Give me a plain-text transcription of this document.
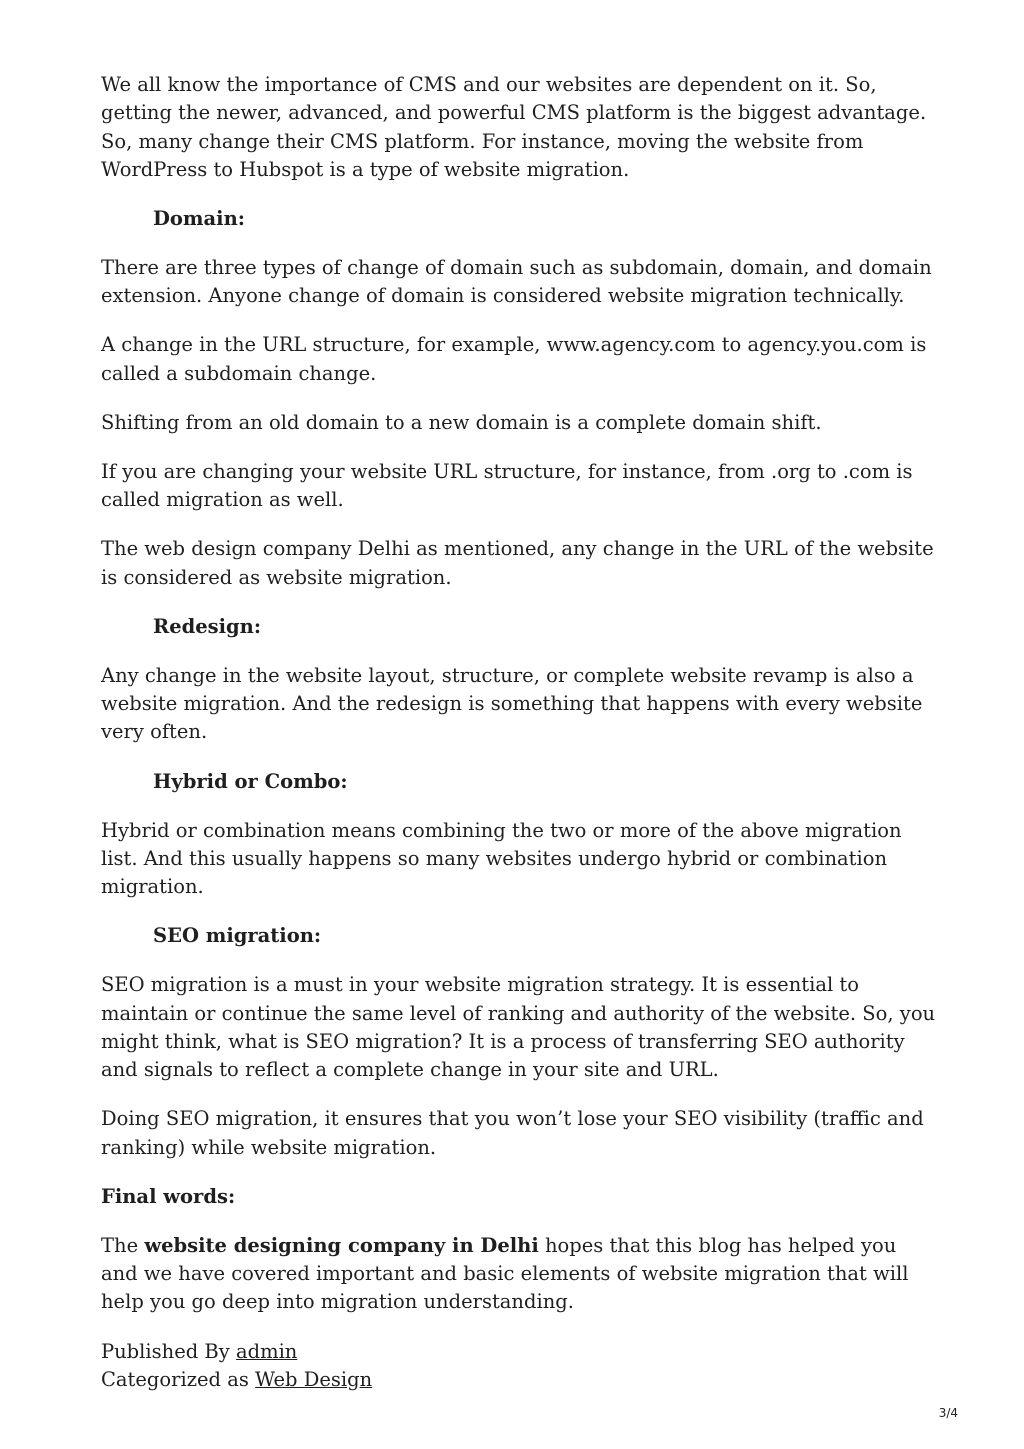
We all know the importance of CMS and our websites are dependent on it. So, getting the newer, advanced, and powerful CMS platform is the biggest advantage. So, many change their CMS platform. For instance, moving the website from WordPress to Hubspot is a type of website migration.

Domain:

There are three types of change of domain such as subdomain, domain, and domain extension. Anyone change of domain is considered website migration technically.

A change in the URL structure, for example, www.agency.com to agency.you.com is called a subdomain change.

Shifting from an old domain to a new domain is a complete domain shift.

If you are changing your website URL structure, for instance, from .org to .com is called migration as well.

The web design company Delhi as mentioned, any change in the URL of the website is considered as website migration.

Redesign:

Any change in the website layout, structure, or complete website revamp is also a website migration. And the redesign is something that happens with every website very often.

Hybrid or Combo:

Hybrid or combination means combining the two or more of the above migration list. And this usually happens so many websites undergo hybrid or combination migration.

SEO migration:

SEO migration is a must in your website migration strategy. It is essential to maintain or continue the same level of ranking and authority of the website. So, you might think, what is SEO migration? It is a process of transferring SEO authority and signals to reflect a complete change in your site and URL.

Doing SEO migration, it ensures that you won’t lose your SEO visibility (traffic and ranking) while website migration.

Final words:

The website designing company in Delhi hopes that this blog has helped you and we have covered important and basic elements of website migration that will help you go deep into migration understanding.

Published By admin

Categorized as Web Design

3/4
